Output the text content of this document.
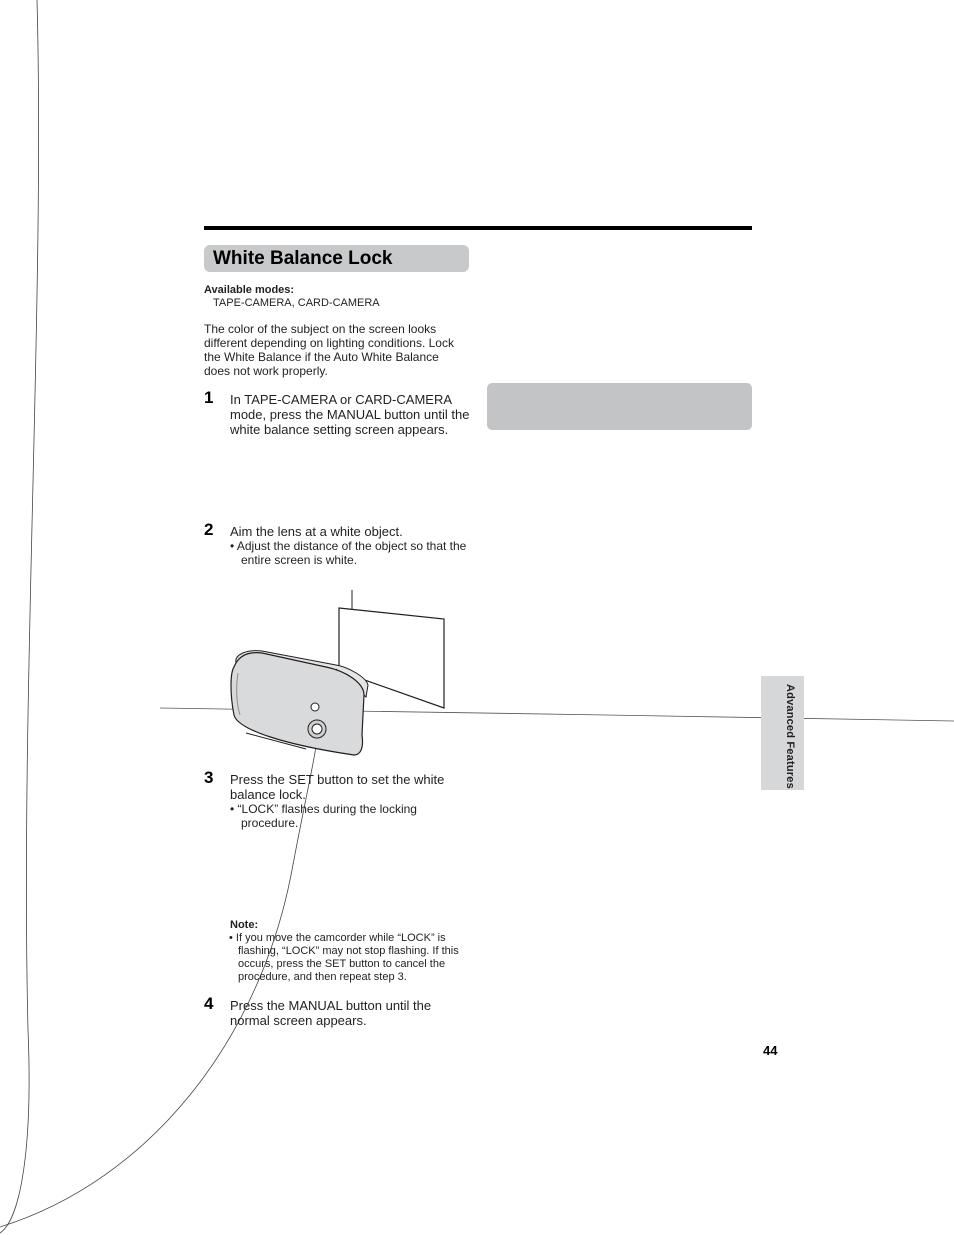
White Balance Lock
Available modes:
TAPE-CAMERA, CARD-CAMERA
The color of the subject on the screen looks different depending on lighting conditions. Lock the White Balance if the Auto White Balance does not work properly.
1 In TAPE-CAMERA or CARD-CAMERA mode, press the MANUAL button until the white balance setting screen appears.
2 Aim the lens at a white object.
• Adjust the distance of the object so that the entire screen is white.
3 Press the SET button to set the white balance lock.
• “LOCK” flashes during the locking procedure.
Note:
• If you move the camcorder while “LOCK” is flashing, “LOCK” may not stop flashing. If this occurs, press the SET button to cancel the procedure, and then repeat step 3.
4 Press the MANUAL button until the normal screen appears.
Advanced Features
44
